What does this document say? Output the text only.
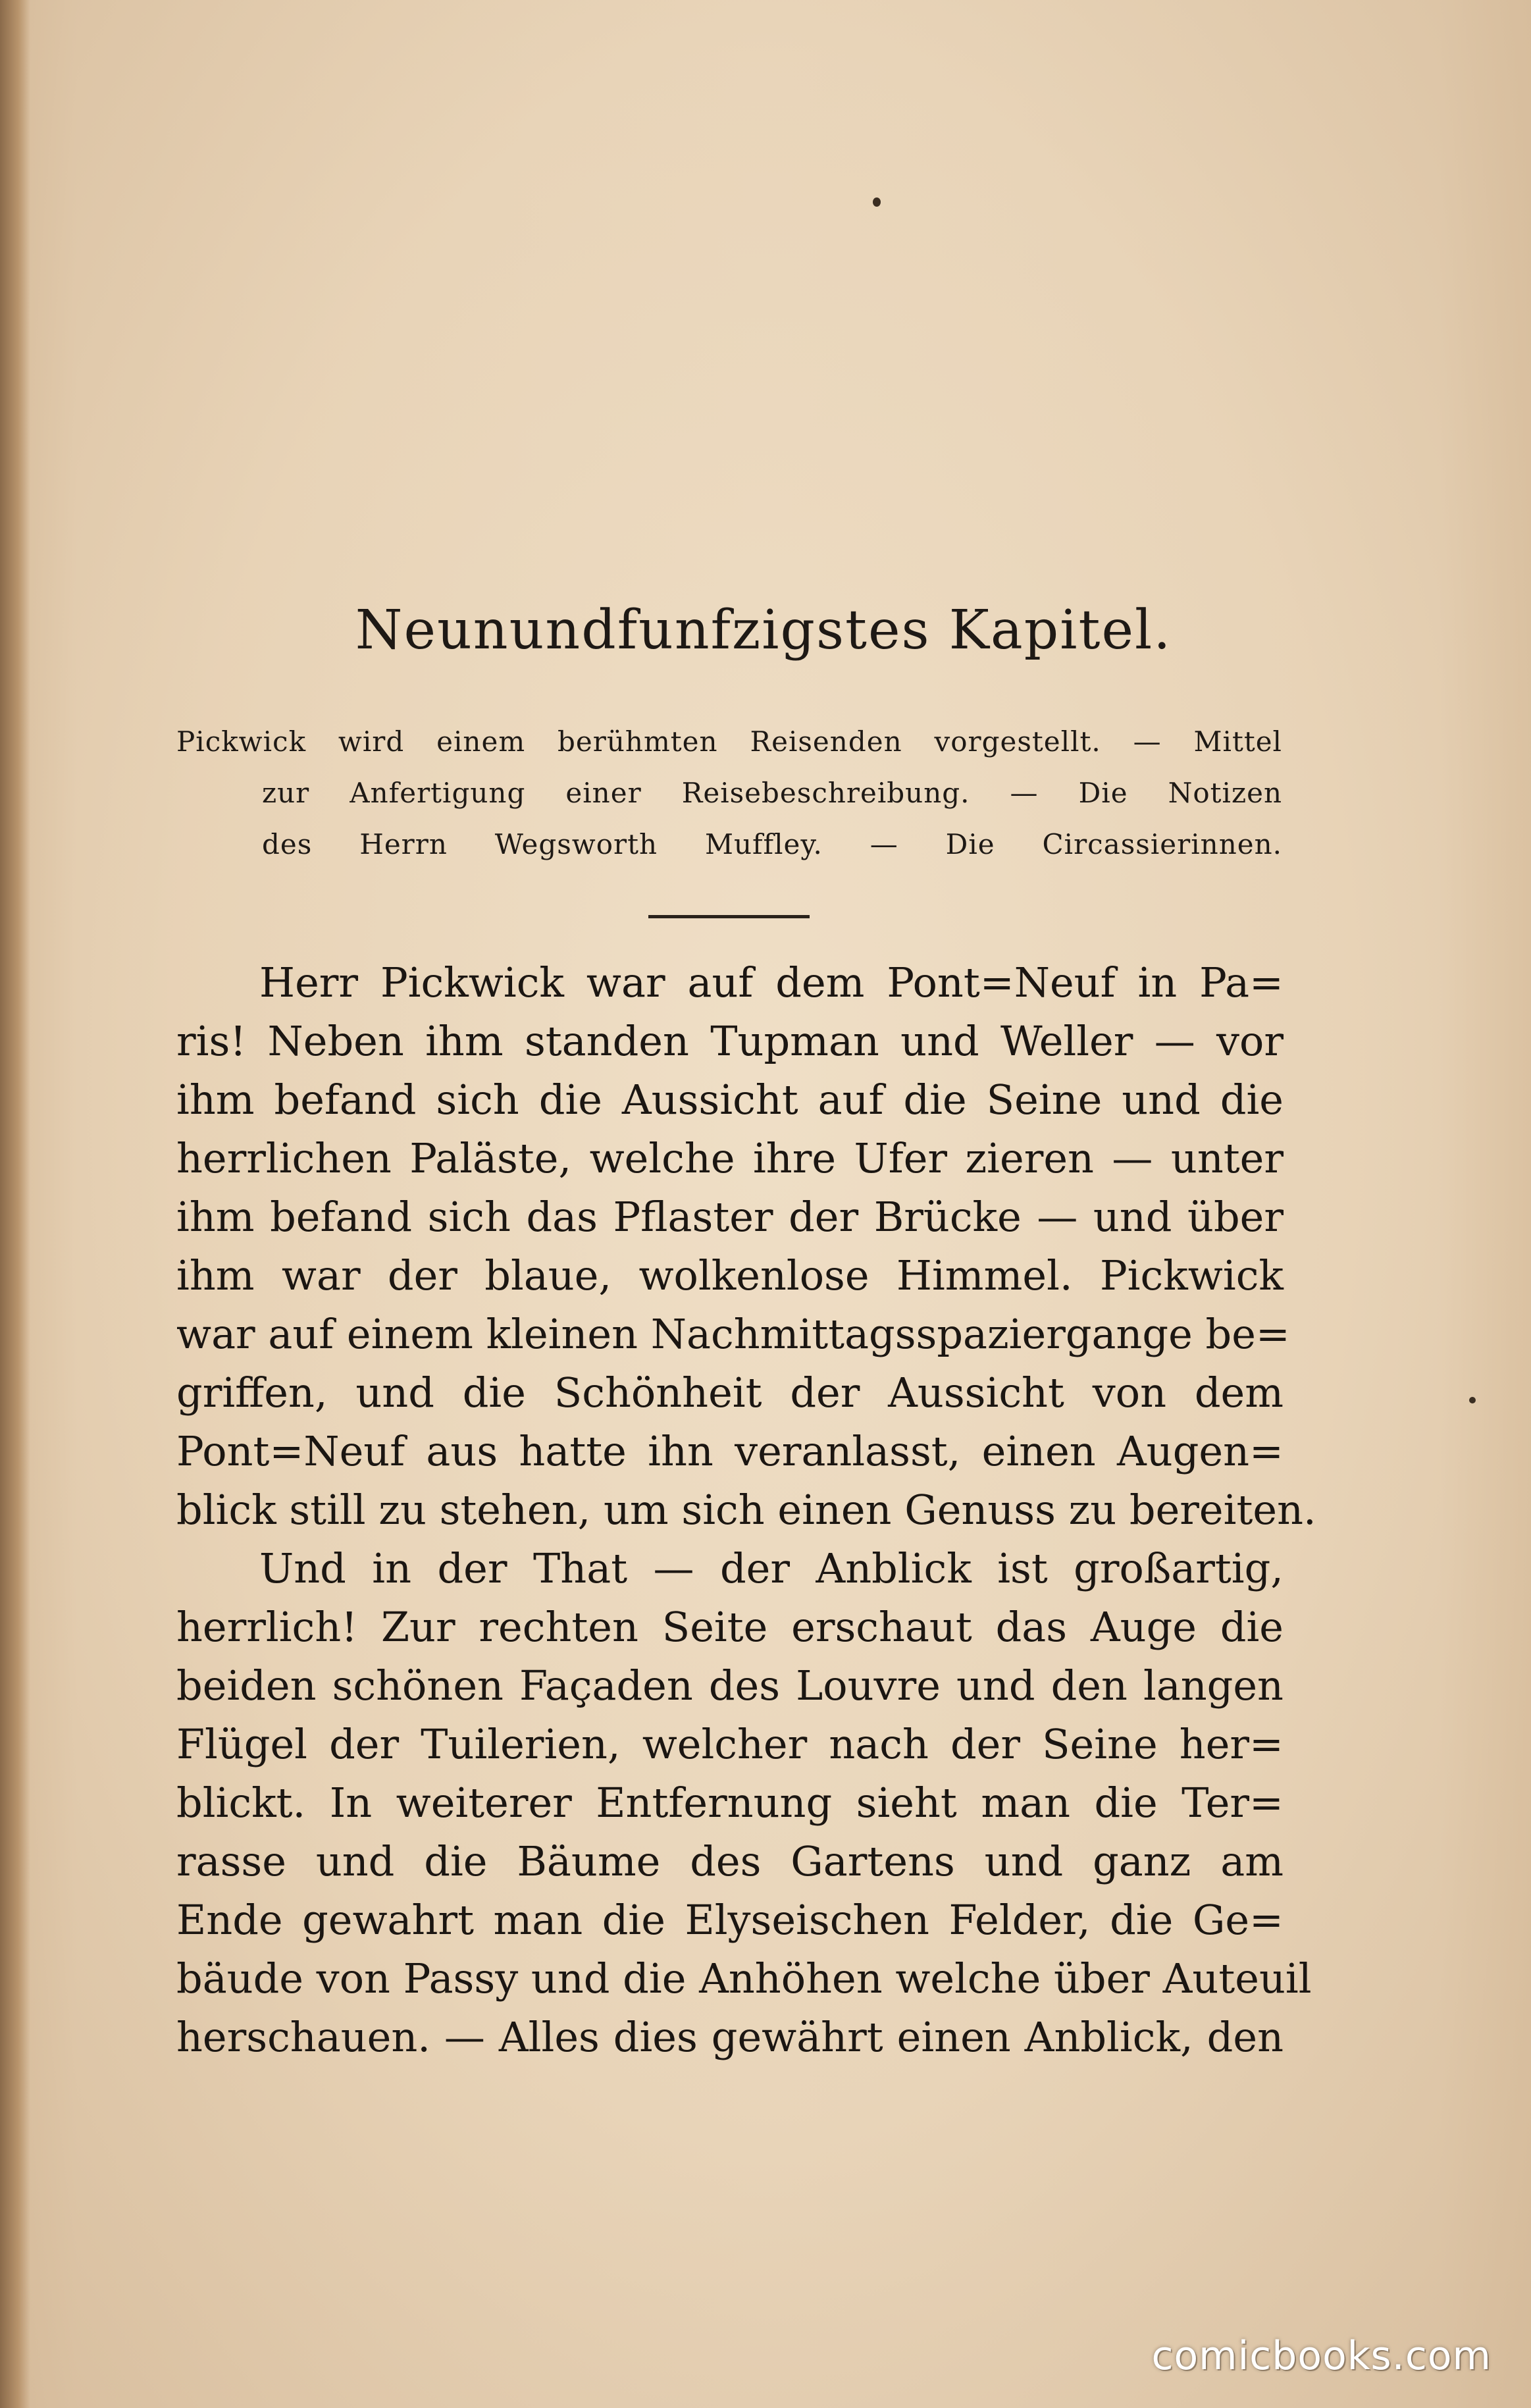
Neunundfunfzigstes Kapitel.
Pickwick wird einem berühmten Reisenden vorgestellt. — Mittel
zur Anfertigung einer Reisebeschreibung. — Die Notizen
des Herrn Wegsworth Muffley. — Die Circassierinnen.
Herr Pickwick war auf dem Pont=Neuf in Pa=
ris! Neben ihm standen Tupman und Weller — vor
ihm befand sich die Aussicht auf die Seine und die
herrlichen Paläste, welche ihre Ufer zieren — unter
ihm befand sich das Pflaster der Brücke — und über
ihm war der blaue, wolkenlose Himmel. Pickwick
war auf einem kleinen Nachmittagsspaziergange be=
griffen, und die Schönheit der Aussicht von dem
Pont=Neuf aus hatte ihn veranlasst, einen Augen=
blick still zu stehen, um sich einen Genuss zu bereiten.
Und in der That — der Anblick ist großartig,
herrlich! Zur rechten Seite erschaut das Auge die
beiden schönen Façaden des Louvre und den langen
Flügel der Tuilerien, welcher nach der Seine her=
blickt. In weiterer Entfernung sieht man die Ter=
rasse und die Bäume des Gartens und ganz am
Ende gewahrt man die Elyseischen Felder, die Ge=
bäude von Passy und die Anhöhen welche über Auteuil
herschauen. — Alles dies gewährt einen Anblick, den
comicbooks.com
